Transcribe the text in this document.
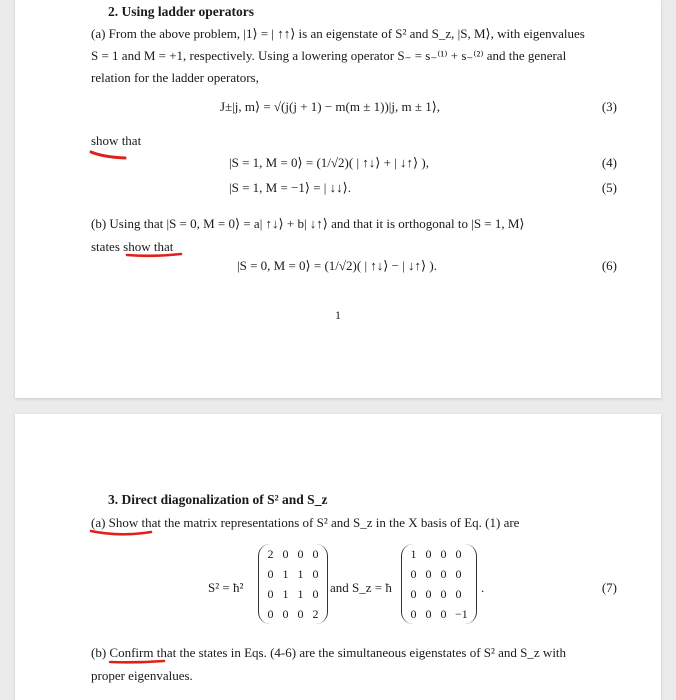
2. Using ladder operators
(a) From the above problem, |1⟩ = | ↑↑⟩ is an eigenstate of S² and S_z, |S, M⟩, with eigenvalues
S = 1 and M = +1, respectively. Using a lowering operator S₋ = s₋⁽¹⁾ + s₋⁽²⁾ and the general
relation for the ladder operators,
J±|j, m⟩ = √(j(j + 1) − m(m ± 1))|j, m ± 1⟩,	(3)
show that
|S = 1, M = 0⟩ = (1/√2)( | ↑↓⟩ + | ↓↑⟩ ),	(4)
|S = 1, M = −1⟩ = | ↓↓⟩.	(5)
(b) Using that |S = 0, M = 0⟩ = a| ↑↓⟩ + b| ↓↑⟩ and that it is orthogonal to |S = 1, M⟩
states show that
|S = 0, M = 0⟩ = (1/√2)( | ↑↓⟩ − | ↓↑⟩ ).	(6)
1
3. Direct diagonalization of S² and S_z
(a) Show that the matrix representations of S² and S_z in the X basis of Eq. (1) are
S² = ħ²
2 0 0 0
0 1 1 0
0 1 1 0
0 0 0 2
and S_z = ħ
1 0 0 0
0 0 0 0
0 0 0 0
0 0 0 −1
.	(7)
(b) Confirm that the states in Eqs. (4-6) are the simultaneous eigenstates of S² and S_z with
proper eigenvalues.
